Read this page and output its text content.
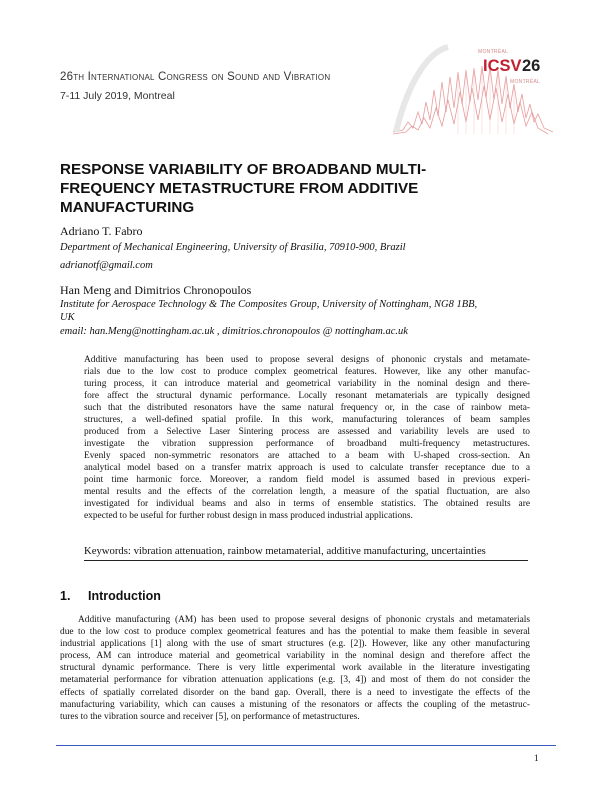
26th International Congress on Sound and Vibration
7-11 July 2019, Montreal
MONTRÉAL
ICSV 26
MONTRÉAL
RESPONSE VARIABILITY OF BROADBAND MULTI-
FREQUENCY METASTRUCTURE FROM ADDITIVE
MANUFACTURING
Adriano T. Fabro
Department of Mechanical Engineering, University of Brasilia, 70910-900, Brazil
adrianotf@gmail.com
Han Meng and Dimitrios Chronopoulos
Institute for Aerospace Technology & The Composites Group, University of Nottingham, NG8 1BB,
UK
email: han.Meng@nottingham.ac.uk , dimitrios.chronopoulos @ nottingham.ac.uk
Additive manufacturing has been used to propose several designs of phononic crystals and metamate-
rials due to the low cost to produce complex geometrical features. However, like any other manufac-
turing process, it can introduce material and geometrical variability in the nominal design and there-
fore affect the structural dynamic performance. Locally resonant metamaterials are typically designed
such that the distributed resonators have the same natural frequency or, in the case of rainbow meta-
structures, a well-defined spatial profile. In this work, manufacturing tolerances of beam samples
produced from a Selective Laser Sintering process are assessed and variability levels are used to
investigate the vibration suppression performance of broadband multi-frequency metastructures.
Evenly spaced non-symmetric resonators are attached to a beam with U-shaped cross-section. An
analytical model based on a transfer matrix approach is used to calculate transfer receptance due to a
point time harmonic force. Moreover, a random field model is assumed based in previous experi-
mental results and the effects of the correlation length, a measure of the spatial fluctuation, are also
investigated for individual beams and also in terms of ensemble statistics. The obtained results are
expected to be useful for further robust design in mass produced industrial applications.
Keywords: vibration attenuation, rainbow metamaterial, additive manufacturing, uncertainties
1. Introduction
Additive manufacturing (AM) has been used to propose several designs of phononic crystals and metamaterials
due to the low cost to produce complex geometrical features and has the potential to make them feasible in several
industrial applications [1] along with the use of smart structures (e.g. [2]). However, like any other manufacturing
process, AM can introduce material and geometrical variability in the nominal design and therefore affect the
structural dynamic performance. There is very little experimental work available in the literature investigating
metamaterial performance for vibration attenuation applications (e.g. [3, 4]) and most of them do not consider the
effects of spatially correlated disorder on the band gap. Overall, there is a need to investigate the effects of the
manufacturing variability, which can causes a mistuning of the resonators or affects the coupling of the metastruc-
tures to the vibration source and receiver [5], on performance of metastructures.
1
